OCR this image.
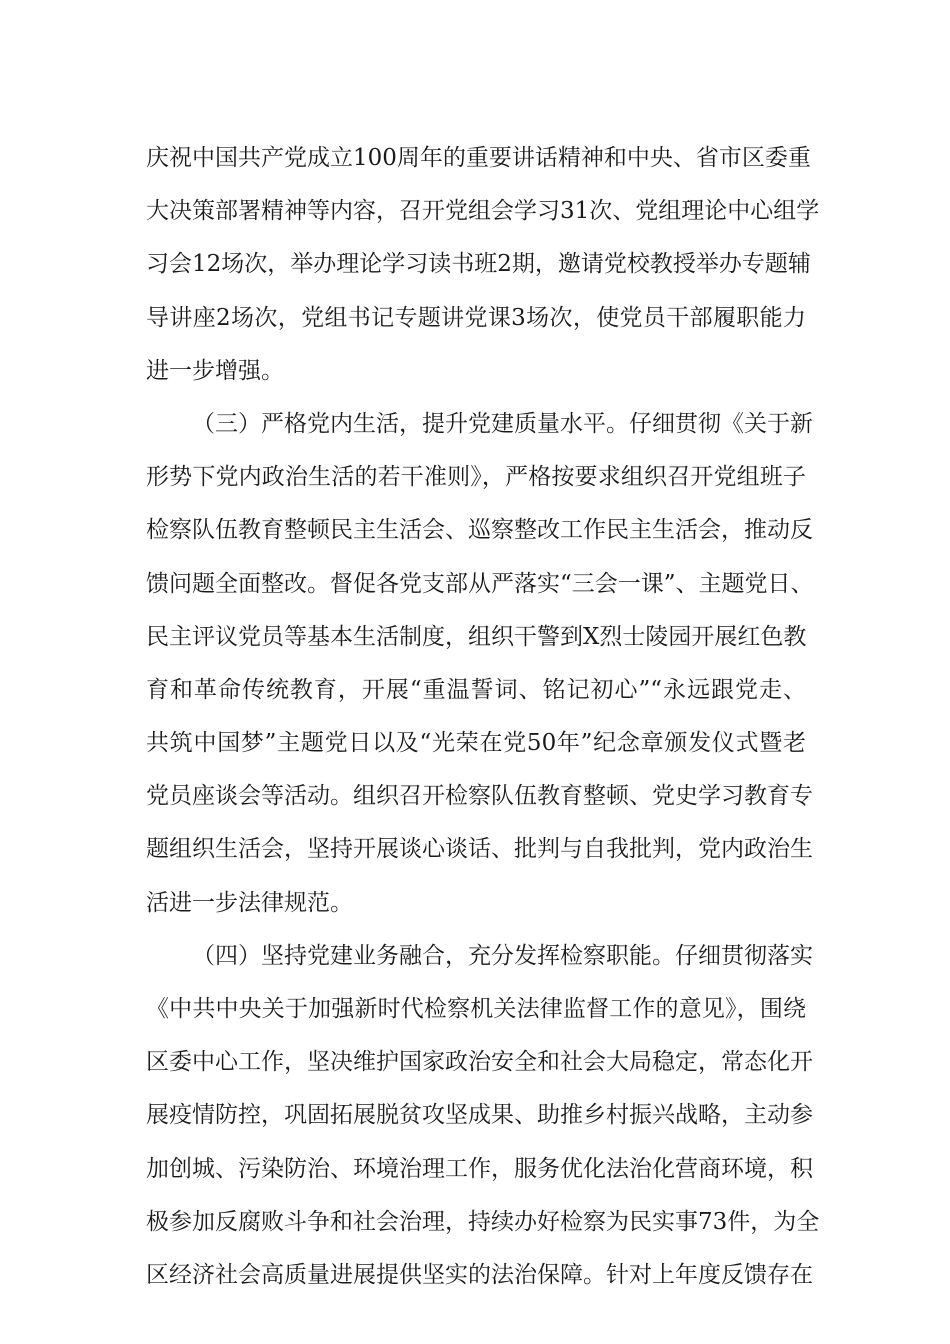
庆祝中国共产党成立100周年的重要讲话精神和中央、省市区委重
大决策部署精神等内容，召开党组会学习31次、党组理论中心组学
习会12场次，举办理论学习读书班2期，邀请党校教授举办专题辅
导讲座2场次，党组书记专题讲党课3场次，使党员干部履职能力
进一步增强。
（三）严格党内生活，提升党建质量水平。仔细贯彻《关于新
形势下党内政治生活的若干准则》，严格按要求组织召开党组班子
检察队伍教育整顿民主生活会、巡察整改工作民主生活会，推动反
馈问题全面整改。督促各党支部从严落实“三会一课”、主题党日、
民主评议党员等基本生活制度，组织干警到X烈士陵园开展红色教
育和革命传统教育，开展“重温誓词、铭记初心”“永远跟党走、
共筑中国梦”主题党日以及“光荣在党50年”纪念章颁发仪式暨老
党员座谈会等活动。组织召开检察队伍教育整顿、党史学习教育专
题组织生活会，坚持开展谈心谈话、批判与自我批判，党内政治生
活进一步法律规范。
（四）坚持党建业务融合，充分发挥检察职能。仔细贯彻落实
《中共中央关于加强新时代检察机关法律监督工作的意见》，围绕
区委中心工作，坚决维护国家政治安全和社会大局稳定，常态化开
展疫情防控，巩固拓展脱贫攻坚成果、助推乡村振兴战略，主动参
加创城、污染防治、环境治理工作，服务优化法治化营商环境，积
极参加反腐败斗争和社会治理，持续办好检察为民实事73件，为全
区经济社会高质量进展提供坚实的法治保障。针对上年度反馈存在
